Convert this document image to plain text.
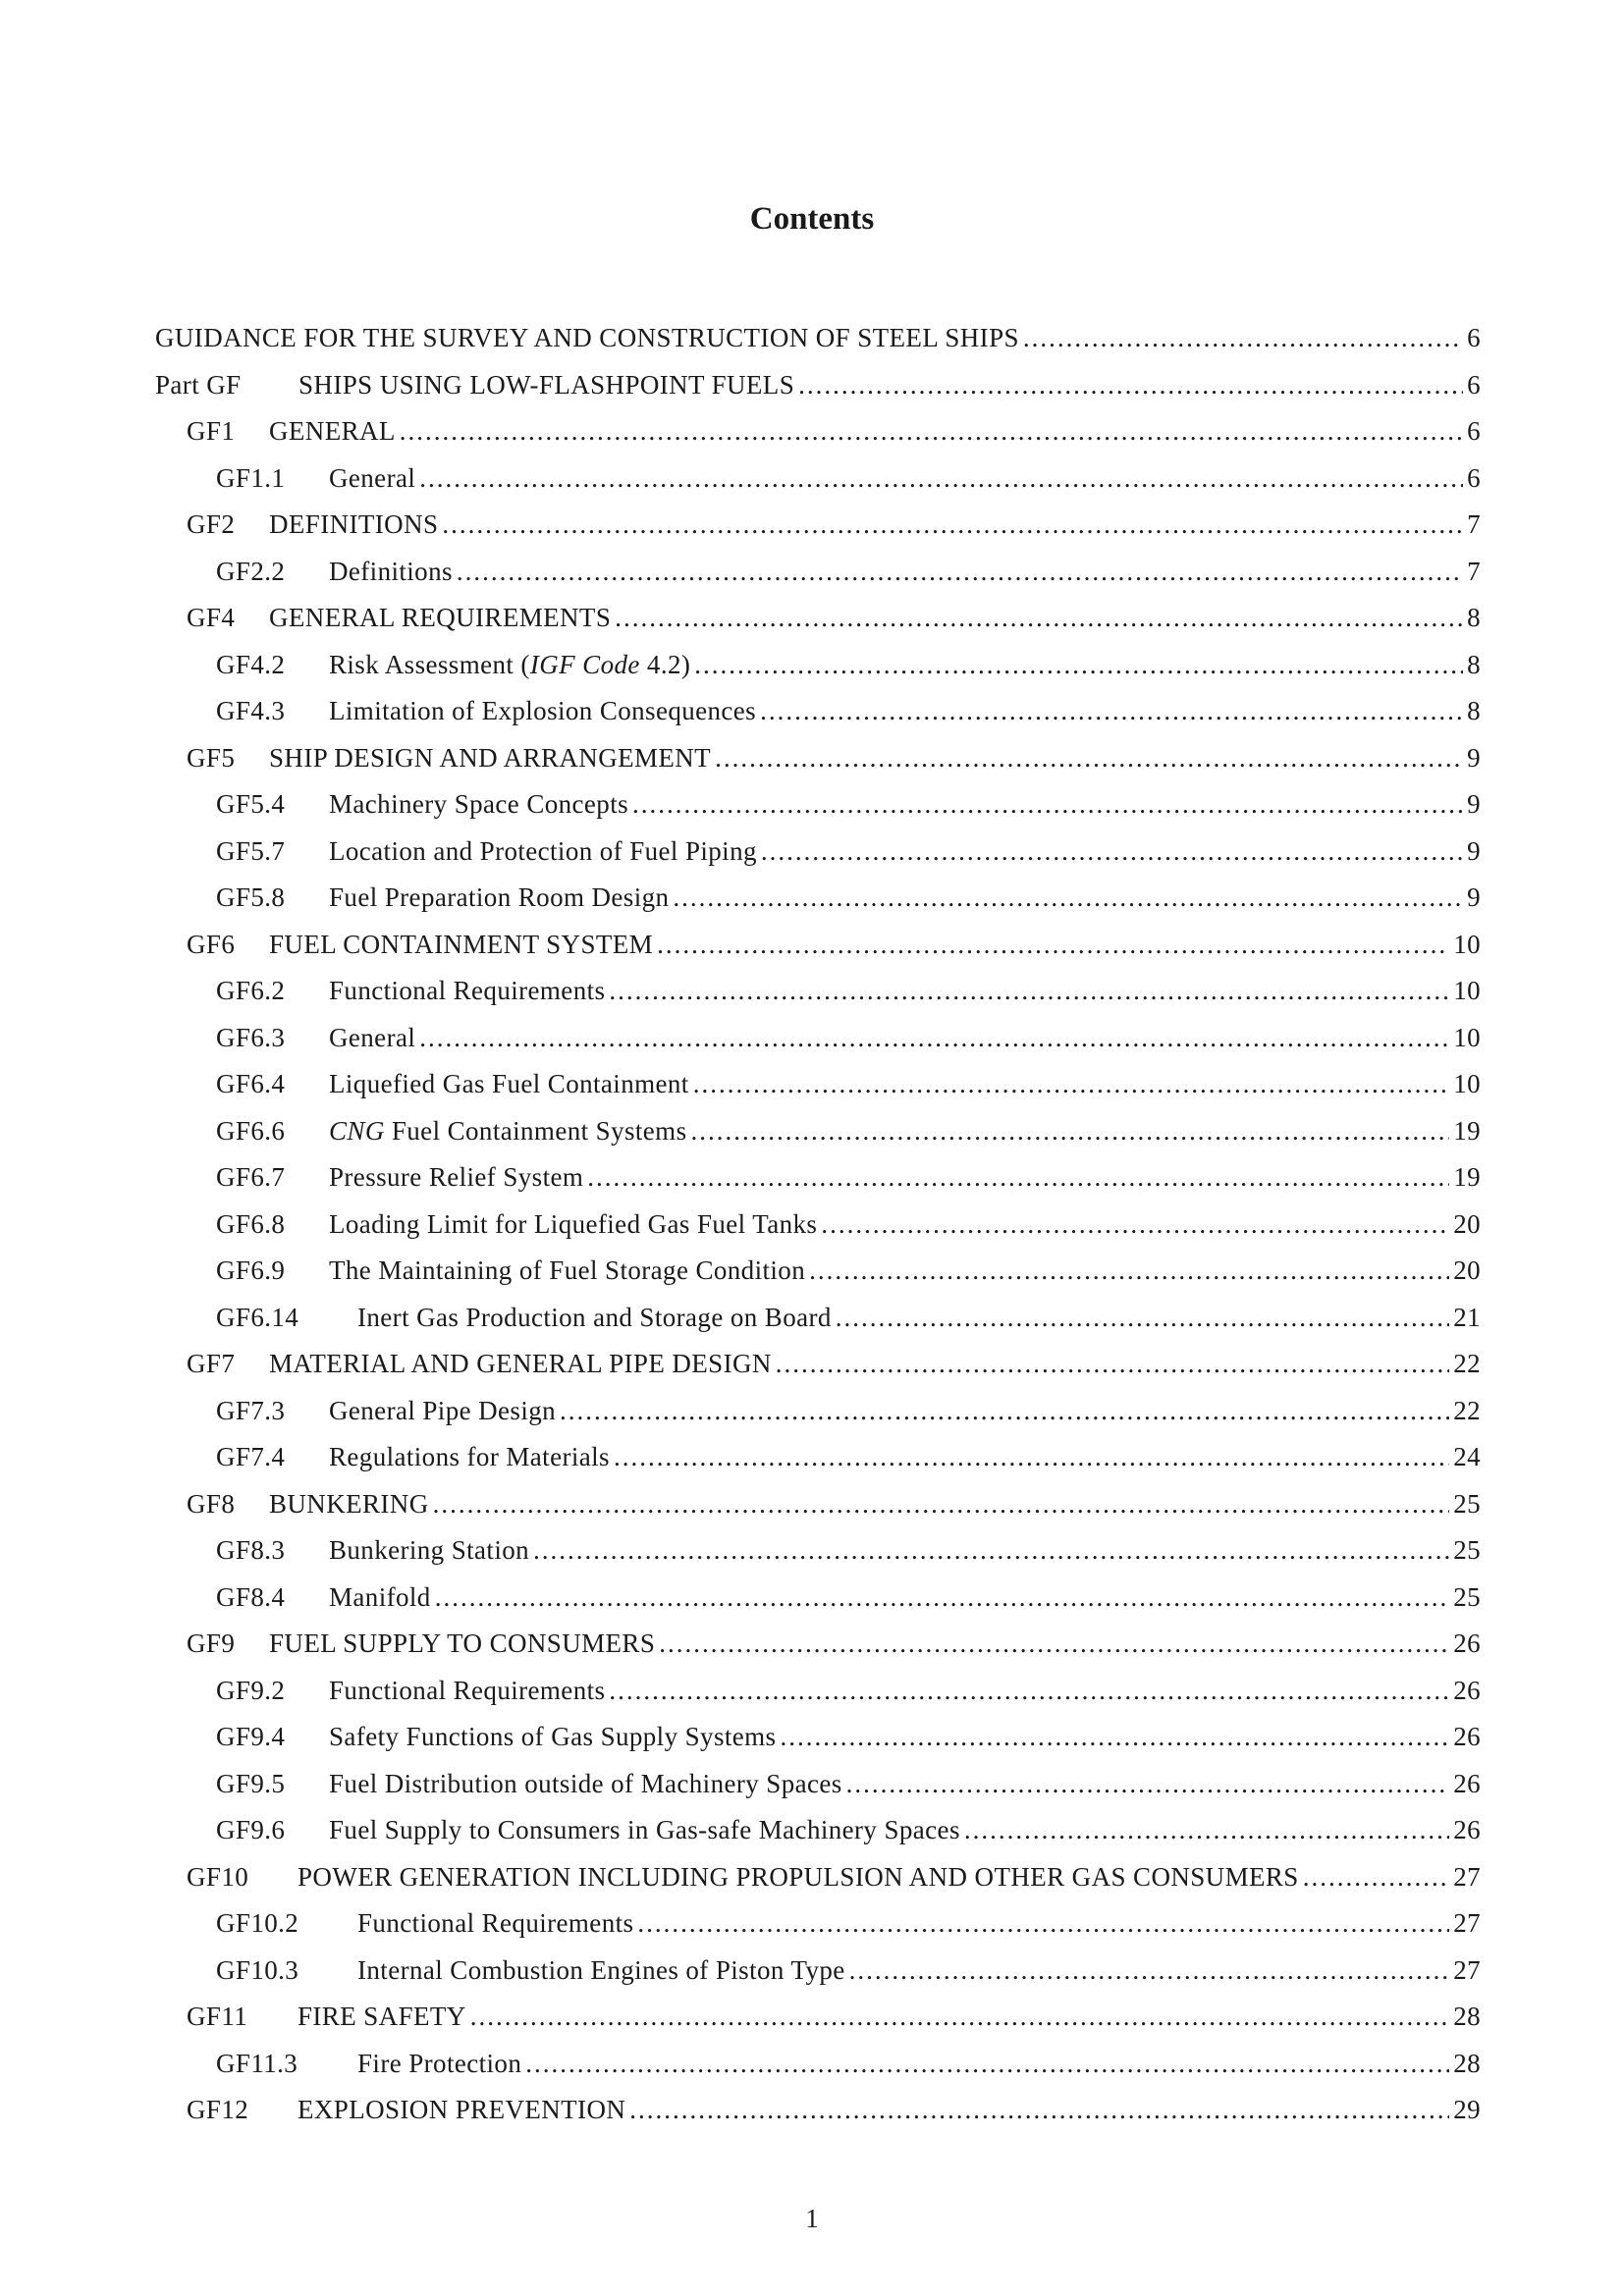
Contents
GUIDANCE FOR THE SURVEY AND CONSTRUCTION OF STEEL SHIPS .....	6
Part GF	SHIPS USING LOW-FLASHPOINT FUELS .....	6
GF1	GENERAL .....	6
GF1.1	General .....	6
GF2	DEFINITIONS .....	7
GF2.2	Definitions .....	7
GF4	GENERAL REQUIREMENTS .....	8
GF4.2	Risk Assessment (IGF Code 4.2) .....	8
GF4.3	Limitation of Explosion Consequences .....	8
GF5	SHIP DESIGN AND ARRANGEMENT .....	9
GF5.4	Machinery Space Concepts .....	9
GF5.7	Location and Protection of Fuel Piping .....	9
GF5.8	Fuel Preparation Room Design .....	9
GF6	FUEL CONTAINMENT SYSTEM .....	10
GF6.2	Functional Requirements .....	10
GF6.3	General .....	10
GF6.4	Liquefied Gas Fuel Containment .....	10
GF6.6	CNG Fuel Containment Systems .....	19
GF6.7	Pressure Relief System .....	19
GF6.8	Loading Limit for Liquefied Gas Fuel Tanks .....	20
GF6.9	The Maintaining of Fuel Storage Condition .....	20
GF6.14	Inert Gas Production and Storage on Board .....	21
GF7	MATERIAL AND GENERAL PIPE DESIGN .....	22
GF7.3	General Pipe Design .....	22
GF7.4	Regulations for Materials .....	24
GF8	BUNKERING .....	25
GF8.3	Bunkering Station .....	25
GF8.4	Manifold .....	25
GF9	FUEL SUPPLY TO CONSUMERS .....	26
GF9.2	Functional Requirements .....	26
GF9.4	Safety Functions of Gas Supply Systems .....	26
GF9.5	Fuel Distribution outside of Machinery Spaces .....	26
GF9.6	Fuel Supply to Consumers in Gas-safe Machinery Spaces .....	26
GF10	POWER GENERATION INCLUDING PROPULSION AND OTHER GAS CONSUMERS .....	27
GF10.2	Functional Requirements .....	27
GF10.3	Internal Combustion Engines of Piston Type .....	27
GF11	FIRE SAFETY .....	28
GF11.3	Fire Protection .....	28
GF12	EXPLOSION PREVENTION .....	29
1
